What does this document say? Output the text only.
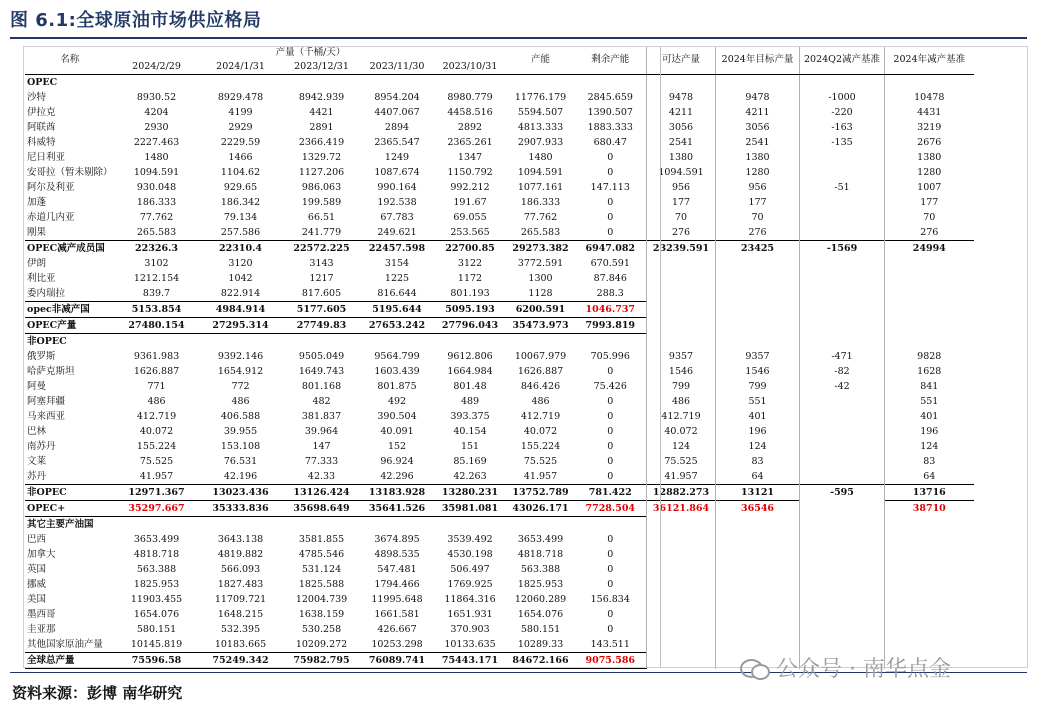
图 6.1:全球原油市场供应格局
名称	产量（千桶/天）					产能	剩余产能	可达产量	2024年目标产量	2024Q2减产基准	2024年减产基准
	2024/2/29	2024/1/31	2023/12/31	2023/11/30	2023/10/31						
OPEC											
沙特	8930.52	8929.478	8942.939	8954.204	8980.779	11776.179	2845.659	9478	9478	-1000	10478
伊拉克	4204	4199	4421	4407.067	4458.516	5594.507	1390.507	4211	4211	-220	4431
阿联酋	2930	2929	2891	2894	2892	4813.333	1883.333	3056	3056	-163	3219
科威特	2227.463	2229.59	2366.419	2365.547	2365.261	2907.933	680.47	2541	2541	-135	2676
尼日利亚	1480	1466	1329.72	1249	1347	1480	0	1380	1380		1380
安哥拉（暂未剔除）	1094.591	1104.62	1127.206	1087.674	1150.792	1094.591	0	1094.591	1280		1280
阿尔及利亚	930.048	929.65	986.063	990.164	992.212	1077.161	147.113	956	956	-51	1007
加蓬	186.333	186.342	199.589	192.538	191.67	186.333	0	177	177		177
赤道几内亚	77.762	79.134	66.51	67.783	69.055	77.762	0	70	70		70
刚果	265.583	257.586	241.779	249.621	253.565	265.583	0	276	276		276
OPEC减产成员国	22326.3	22310.4	22572.225	22457.598	22700.85	29273.382	6947.082	23239.591	23425	-1569	24994
伊朗	3102	3120	3143	3154	3122	3772.591	670.591				
利比亚	1212.154	1042	1217	1225	1172	1300	87.846				
委内瑞拉	839.7	822.914	817.605	816.644	801.193	1128	288.3				
opec非减产国	5153.854	4984.914	5177.605	5195.644	5095.193	6200.591	1046.737				
OPEC产量	27480.154	27295.314	27749.83	27653.242	27796.043	35473.973	7993.819				
非OPEC											
俄罗斯	9361.983	9392.146	9505.049	9564.799	9612.806	10067.979	705.996	9357	9357	-471	9828
哈萨克斯坦	1626.887	1654.912	1649.743	1603.439	1664.984	1626.887	0	1546	1546	-82	1628
阿曼	771	772	801.168	801.875	801.48	846.426	75.426	799	799	-42	841
阿塞拜疆	486	486	482	492	489	486	0	486	551		551
马来西亚	412.719	406.588	381.837	390.504	393.375	412.719	0	412.719	401		401
巴林	40.072	39.955	39.964	40.091	40.154	40.072	0	40.072	196		196
南苏丹	155.224	153.108	147	152	151	155.224	0	124	124		124
文莱	75.525	76.531	77.333	96.924	85.169	75.525	0	75.525	83		83
苏丹	41.957	42.196	42.33	42.296	42.263	41.957	0	41.957	64		64
非OPEC	12971.367	13023.436	13126.424	13183.928	13280.231	13752.789	781.422	12882.273	13121	-595	13716
OPEC+	35297.667	35333.836	35698.649	35641.526	35981.081	43026.171	7728.504	36121.864	36546		38710
其它主要产油国											
巴西	3653.499	3643.138	3581.855	3674.895	3539.492	3653.499	0				
加拿大	4818.718	4819.882	4785.546	4898.535	4530.198	4818.718	0				
英国	563.388	566.093	531.124	547.481	506.497	563.388	0				
挪威	1825.953	1827.483	1825.588	1794.466	1769.925	1825.953	0				
美国	11903.455	11709.721	12004.739	11995.648	11864.316	12060.289	156.834				
墨西哥	1654.076	1648.215	1638.159	1661.581	1651.931	1654.076	0				
圭亚那	580.151	532.395	530.258	426.667	370.903	580.151	0				
其他国家原油产量	10145.819	10183.665	10209.272	10253.298	10133.635	10289.33	143.511				
全球总产量	75596.58	75249.342	75982.795	76089.741	75443.171	84672.166	9075.586				
资料来源：彭博 南华研究
公众号 · 南华点金
